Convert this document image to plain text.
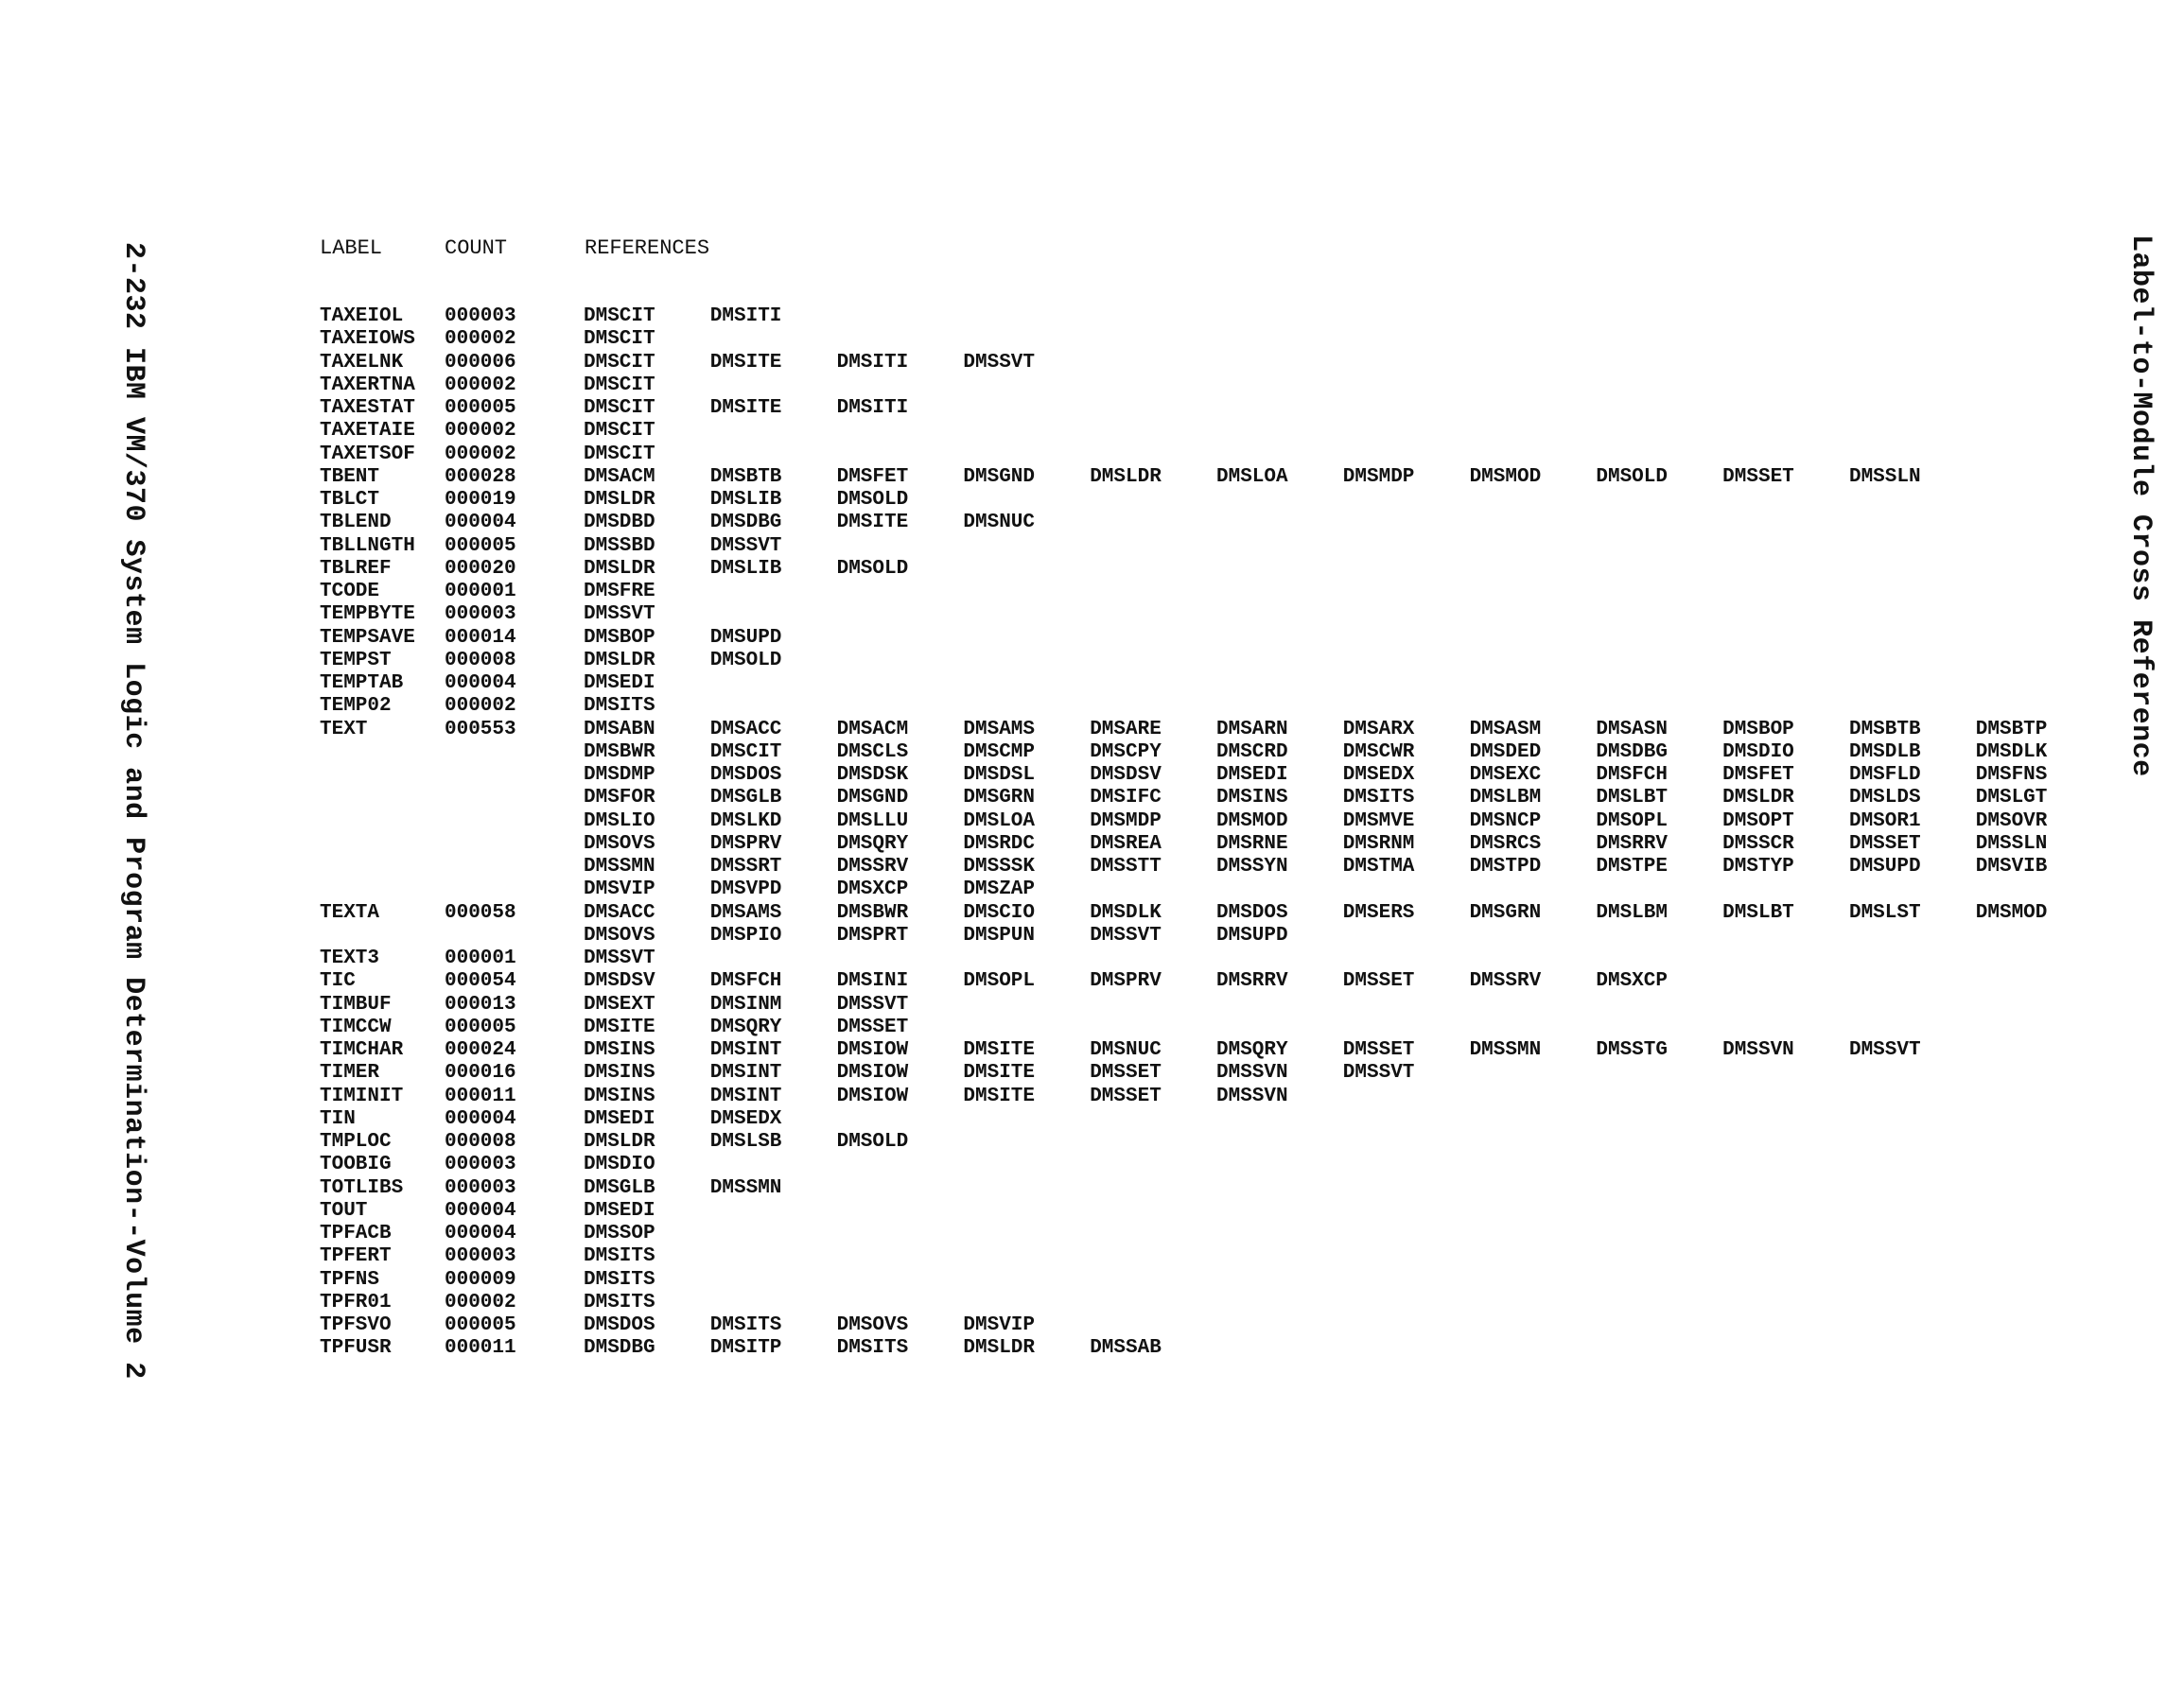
2-232 IBM VM/370 System Logic and Program Determination--Volume 2	Label-to-Module Cross Reference
LABEL	COUNT	REFERENCES
TAXEIOL 000003	DMSCIT	DMSITI
TAXEIOWS 000002	DMSCIT
TAXELNK 000006	DMSCIT	DMSITE	DMSITI	DMSSVT
TAXERTNA 000002	DMSCIT
TAXESTAT 000005	DMSCIT	DMSITE	DMSITI
TAXETAIE 000002	DMSCIT
TAXETSOF 000002	DMSCIT
TBENT	000028	DMSACM	DMSBTB	DMSFET	DMSGND	DMSLDR	DMSLOA	DMSMDP	DMSMOD	DMSOLD	DMSSET	DMSSLN
TBLCT	000019	DMSLDR	DMSLIB	DMSOLD
TBLEND	000004	DMSDBD	DMSDBG	DMSITE	DMSNUC
TBLLNGTH 000005	DMSSBD	DMSSVT
TBLREF	000020	DMSLDR	DMSLIB	DMSOLD
TCODE	000001	DMSFRE
TEMPBYTE 000003	DMSSVT
TEMPSAVE 000014	DMSBOP	DMSUPD
TEMPST	000008	DMSLDR	DMSOLD
TEMPTAB 000004	DMSEDI
TEMP02	000002	DMSITS
TEXT	000553	DMSABN	DMSACC	DMSACM	DMSAMS	DMSARE	DMSARN	DMSARX	DMSASM	DMSASN	DMSBOP	DMSBTB	DMSBTP
DMSBWR	DMSCIT	DMSCLS	DMSCMP	DMSCPY	DMSCRD	DMSCWR	DMSDED	DMSDBG	DMSDIO	DMSDLB	DMSDLK
DMSDMP	DMSDOS	DMSDSK	DMSDSL	DMSDSV	DMSEDI	DMSEDX	DMSEXC	DMSFCH	DMSFET	DMSFLD	DMSFNS
DMSFOR	DMSGLB	DMSGND	DMSGRN	DMSIFC	DMSINS	DMSITS	DMSLBM	DMSLBT	DMSLDR	DMSLDS	DMSLGT
DMSLIO	DMSLKD	DMSLLU	DMSLOA	DMSMDP	DMSMOD	DMSMVE	DMSNCP	DMSOPL	DMSOPT	DMSOR1	DMSOVR
DMSOVS	DMSPRV	DMSQRY	DMSRDC	DMSREA	DMSRNE	DMSRNM	DMSRCS	DMSRRV	DMSSCR	DMSSET	DMSSLN
DMSSMN	DMSSRT	DMSSRV	DMSSSK	DMSSTT	DMSSYN	DMSTMA	DMSTPD	DMSTPE	DMSTYP	DMSUPD	DMSVIB
DMSVIP	DMSVPD	DMSXCP	DMSZAP
TEXTA	000058	DMSACC	DMSAMS	DMSBWR	DMSCIO	DMSDLK	DMSDOS	DMSERS	DMSGRN	DMSLBM	DMSLBT	DMSLST	DMSMOD
DMSOVS	DMSPIO	DMSPRT	DMSPUN	DMSSVT	DMSUPD
TEXT3	000001	DMSSVT
TIC	000054	DMSDSV	DMSFCH	DMSINI	DMSOPL	DMSPRV	DMSRRV	DMSSET	DMSSRV	DMSXCP
TIMBUF	000013	DMSEXT	DMSINM	DMSSVT
TIMCCW	000005	DMSITE	DMSQRY	DMSSET
TIMCHAR 000024	DMSINS	DMSINT	DMSIOW	DMSITE	DMSNUC	DMSQRY	DMSSET	DMSSMN	DMSSTG	DMSSVN	DMSSVT
TIMER	000016	DMSINS	DMSINT	DMSIOW	DMSITE	DMSSET	DMSSVN	DMSSVT
TIMINIT 000011	DMSINS	DMSINT	DMSIOW	DMSITE	DMSSET	DMSSVN
TIN	000004	DMSEDI	DMSEDX
TMPLOC	000008	DMSLDR	DMSLSB	DMSOLD
TOOBIG	000003	DMSDIO
TOTLIBS 000003	DMSGLB	DMSSMN
TOUT	000004	DMSEDI
TPFACB	000004	DMSSOP
TPFERT	000003	DMSITS
TPFNS	000009	DMSITS
TPFR01	000002	DMSITS
TPFSVO	000005	DMSDOS	DMSITS	DMSOVS	DMSVIP
TPFUSR	000011	DMSDBG	DMSITP	DMSITS	DMSLDR	DMSSAB
